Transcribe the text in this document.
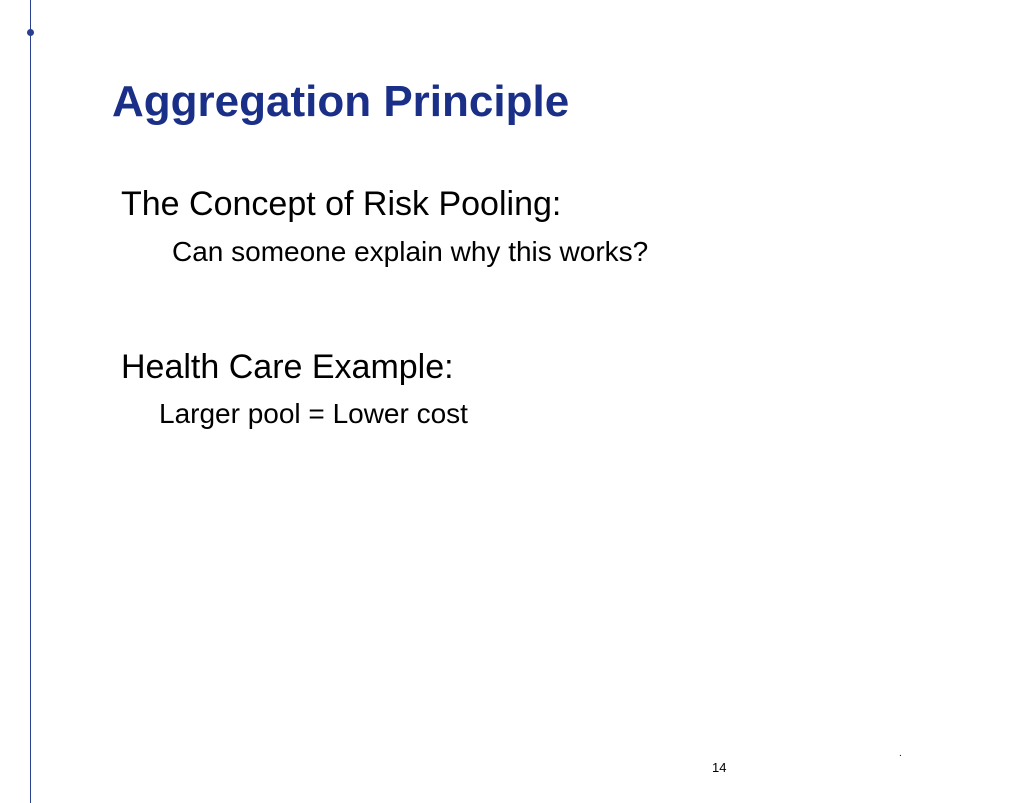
Aggregation Principle

The Concept of Risk Pooling:

Can someone explain why this works?

Health Care Example:

Larger pool = Lower cost

14
.
